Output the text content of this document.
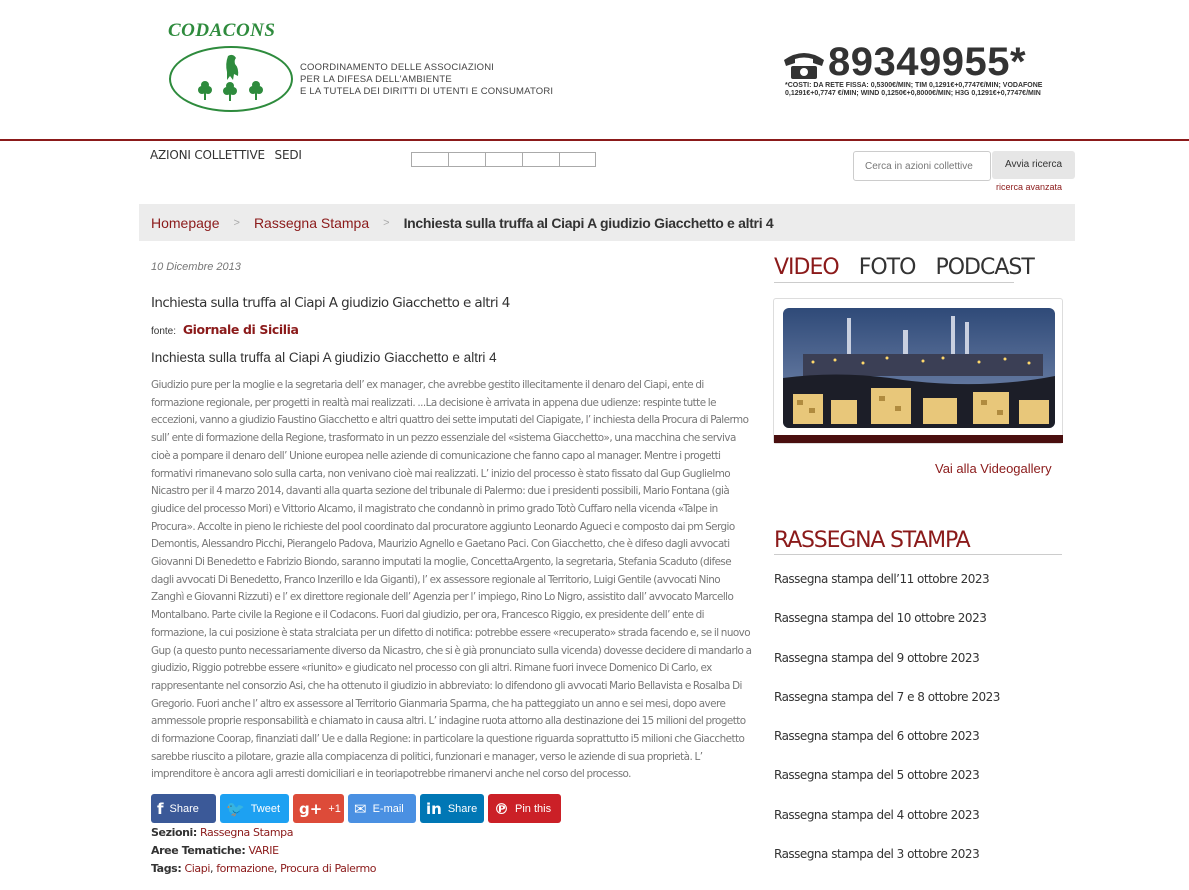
CODACONS
COORDINAMENTO DELLE ASSOCIAZIONI
PER LA DIFESA DELL'AMBIENTE
E LA TUTELA DEI DIRITTI DI UTENTI E CONSUMATORI
89349955*
*COSTI: DA RETE FISSA: 0,5300€/MIN; TIM 0,1291€+0,7747€/MIN; VODAFONE 0,1291€+0,7747 €/MIN; WIND 0,1250€+0,8000€/MIN; H3G 0,1291€+0,7747€/MIN
AZIONI COLLETTIVE SEDI
Cerca in azioni collettive	Avvia ricerca
ricerca avanzata
Homepage > Rassegna Stampa > Inchiesta sulla truffa al Ciapi A giudizio Giacchetto e altri 4
10 Dicembre 2013
Inchiesta sulla truffa al Ciapi A giudizio Giacchetto e altri 4
fonte: Giornale di Sicilia
Inchiesta sulla truffa al Ciapi A giudizio Giacchetto e altri 4
Giudizio pure per la moglie e la segretaria dell’ ex manager, che avrebbe gestito illecitamente il denaro del Ciapi, ente di formazione regionale, per progetti in realtà mai realizzati. ...La decisione è arrivata in appena due udienze: respinte tutte le eccezioni, vanno a giudizio Faustino Giacchetto e altri quattro dei sette imputati del Ciapigate, l’ inchiesta della Procura di Palermo sull’ ente di formazione della Regione, trasformato in un pezzo essenziale del «sistema Giacchetto», una macchina che serviva cioè a pompare il denaro dell’ Unione europea nelle aziende di comunicazione che fanno capo al manager. Mentre i progetti formativi rimanevano solo sulla carta, non venivano cioè mai realizzati. L’ inizio del processo è stato fissato dal Gup Guglielmo Nicastro per il 4 marzo 2014, davanti alla quarta sezione del tribunale di Palermo: due i presidenti possibili, Mario Fontana (già giudice del processo Mori) e Vittorio Alcamo, il magistrato che condannò in primo grado Totò Cuffaro nella vicenda «Talpe in Procura». Accolte in pieno le richieste del pool coordinato dal procuratore aggiunto Leonardo Agueci e composto dai pm Sergio Demontis, Alessandro Picchi, Pierangelo Padova, Maurizio Agnello e Gaetano Paci. Con Giacchetto, che è difeso dagli avvocati Giovanni Di Benedetto e Fabrizio Biondo, saranno imputati la moglie, ConcettaArgento, la segretaria, Stefania Scaduto (difese dagli avvocati Di Benedetto, Franco Inzerillo e Ida Giganti), l’ ex assessore regionale al Territorio, Luigi Gentile (avvocati Nino Zanghì e Giovanni Rizzuti) e l’ ex direttore regionale dell’ Agenzia per l’ impiego, Rino Lo Nigro, assistito dall’ avvocato Marcello Montalbano. Parte civile la Regione e il Codacons. Fuori dal giudizio, per ora, Francesco Riggio, ex presidente dell’ ente di formazione, la cui posizione è stata stralciata per un difetto di notifica: potrebbe essere «recuperato» strada facendo e, se il nuovo Gup (a questo punto necessariamente diverso da Nicastro, che si è già pronunciato sulla vicenda) dovesse decidere di mandarlo a giudizio, Riggio potrebbe essere «riunito» e giudicato nel processo con gli altri. Rimane fuori invece Domenico Di Carlo, ex rappresentante nel consorzio Asi, che ha ottenuto il giudizio in abbreviato: lo difendono gli avvocati Mario Bellavista e Rosalba Di Gregorio. Fuori anche l’ altro ex assessore al Territorio Gianmaria Sparma, che ha patteggiato un anno e sei mesi, dopo avere ammessole proprie responsabilità e chiamato in causa altri. L’ indagine ruota attorno alla destinazione dei 15 milioni del progetto di formazione Coorap, finanziati dall’ Ue e dalla Regione: in particolare la questione riguarda soprattutto i5 milioni che Giacchetto sarebbe riuscito a pilotare, grazie alla compiacenza di politici, funzionari e manager, verso le aziende di sua proprietà. L’ imprenditore è ancora agli arresti domiciliari e in teoriapotrebbe rimanervi anche nel corso del processo.
f Share 🐦 Tweet g+ +1 ✉ E-mail in Share ℗ Pin this
Sezioni: Rassegna Stampa
Aree Tematiche: VARIE
Tags: Ciapi, formazione, Procura di Palermo
VIDEO FOTO PODCAST
Vai alla Videogallery
RASSEGNA STAMPA
Rassegna stampa dell’11 ottobre 2023
Rassegna stampa del 10 ottobre 2023
Rassegna stampa del 9 ottobre 2023
Rassegna stampa del 7 e 8 ottobre 2023
Rassegna stampa del 6 ottobre 2023
Rassegna stampa del 5 ottobre 2023
Rassegna stampa del 4 ottobre 2023
Rassegna stampa del 3 ottobre 2023
